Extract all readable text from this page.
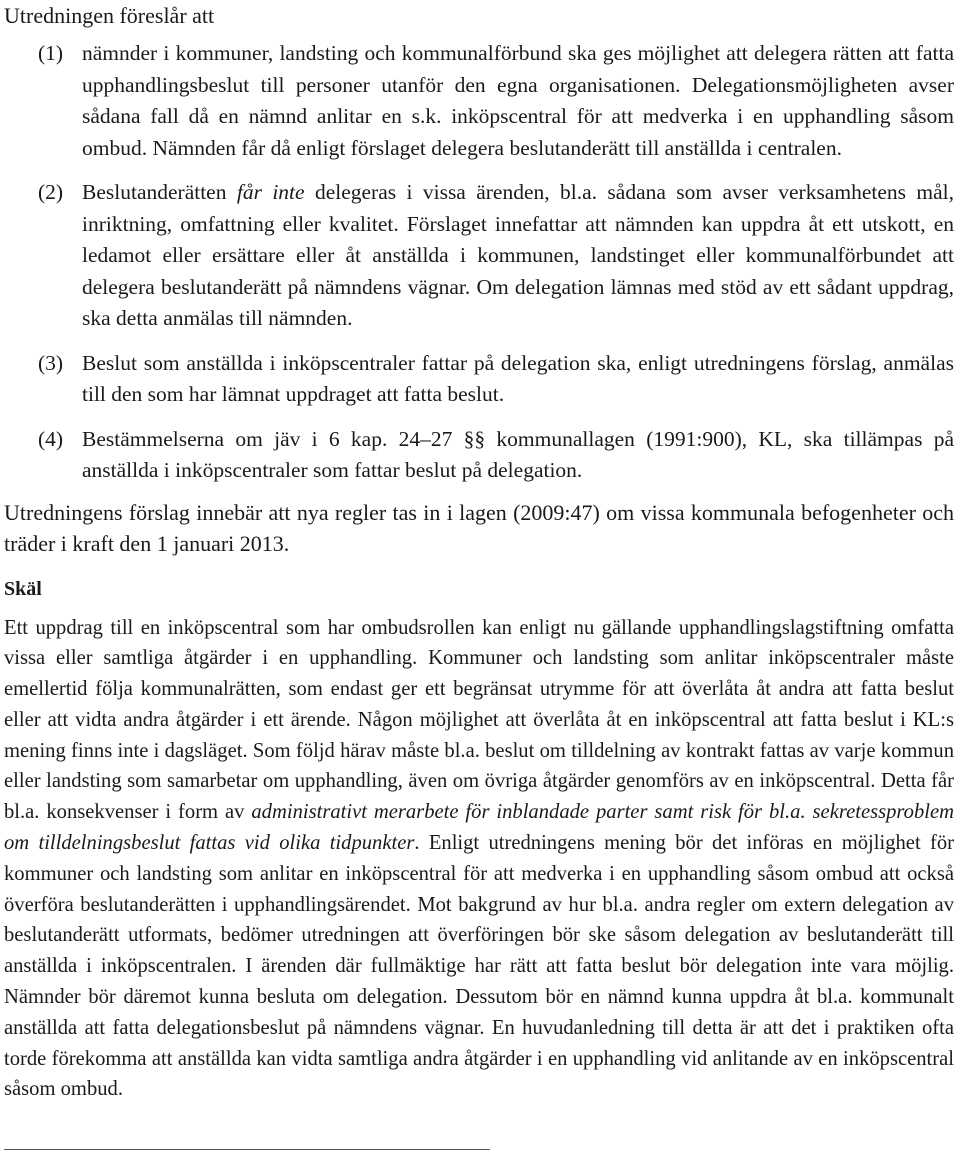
Utredningen föreslår att

(1) nämnder i kommuner, landsting och kommunalförbund ska ges möjlighet att delegera rätten att fatta upphandlingsbeslut till personer utanför den egna organisationen. Delegationsmöjligheten avser sådana fall då en nämnd anlitar en s.k. inköpscentral för att medverka i en upphandling såsom ombud. Nämnden får då enligt förslaget delegera beslutanderätt till anställda i centralen.
(2) Beslutanderätten får inte delegeras i vissa ärenden, bl.a. sådana som avser verksamhetens mål, inriktning, omfattning eller kvalitet. Förslaget innefattar att nämnden kan uppdra åt ett utskott, en ledamot eller ersättare eller åt anställda i kommunen, landstinget eller kommunalförbundet att delegera beslutanderätt på nämndens vägnar. Om delegation lämnas med stöd av ett sådant uppdrag, ska detta anmälas till nämnden.
(3) Beslut som anställda i inköpscentraler fattar på delegation ska, enligt utredningens förslag, anmälas till den som har lämnat uppdraget att fatta beslut.
(4) Bestämmelserna om jäv i 6 kap. 24–27 §§ kommunallagen (1991:900), KL, ska tillämpas på anställda i inköpscentraler som fattar beslut på delegation.

Utredningens förslag innebär att nya regler tas in i lagen (2009:47) om vissa kommunala befogenheter och träder i kraft den 1 januari 2013.

Skäl

Ett uppdrag till en inköpscentral som har ombudsrollen kan enligt nu gällande upphandlingslagstiftning omfatta vissa eller samtliga åtgärder i en upphandling. Kommuner och landsting som anlitar inköpscentraler måste emellertid följa kommunalrätten, som endast ger ett begränsat utrymme för att överlåta åt andra att fatta beslut eller att vidta andra åtgärder i ett ärende. Någon möjlighet att överlåta åt en inköpscentral att fatta beslut i KL:s mening finns inte i dagsläget. Som följd härav måste bl.a. beslut om tilldelning av kontrakt fattas av varje kommun eller landsting som samarbetar om upphandling, även om övriga åtgärder genomförs av en inköpscentral. Detta får bl.a. konsekvenser i form av administrativt merarbete för inblandade parter samt risk för bl.a. sekretessproblem om tilldelningsbeslut fattas vid olika tidpunkter. Enligt utredningens mening bör det införas en möjlighet för kommuner och landsting som anlitar en inköpscentral för att medverka i en upphandling såsom ombud att också överföra beslutanderätten i upphandlingsärendet. Mot bakgrund av hur bl.a. andra regler om extern delegation av beslutanderätt utformats, bedömer utredningen att överföringen bör ske såsom delegation av beslutanderätt till anställda i inköpscentralen. I ärenden där fullmäktige har rätt att fatta beslut bör delegation inte vara möjlig. Nämnder bör däremot kunna besluta om delegation. Dessutom bör en nämnd kunna uppdra åt bl.a. kommunalt anställda att fatta delegationsbeslut på nämndens vägnar. En huvudanledning till detta är att det i praktiken ofta torde förekomma att anställda kan vidta samtliga andra åtgärder i en upphandling vid anlitande av en inköpscentral såsom ombud.
